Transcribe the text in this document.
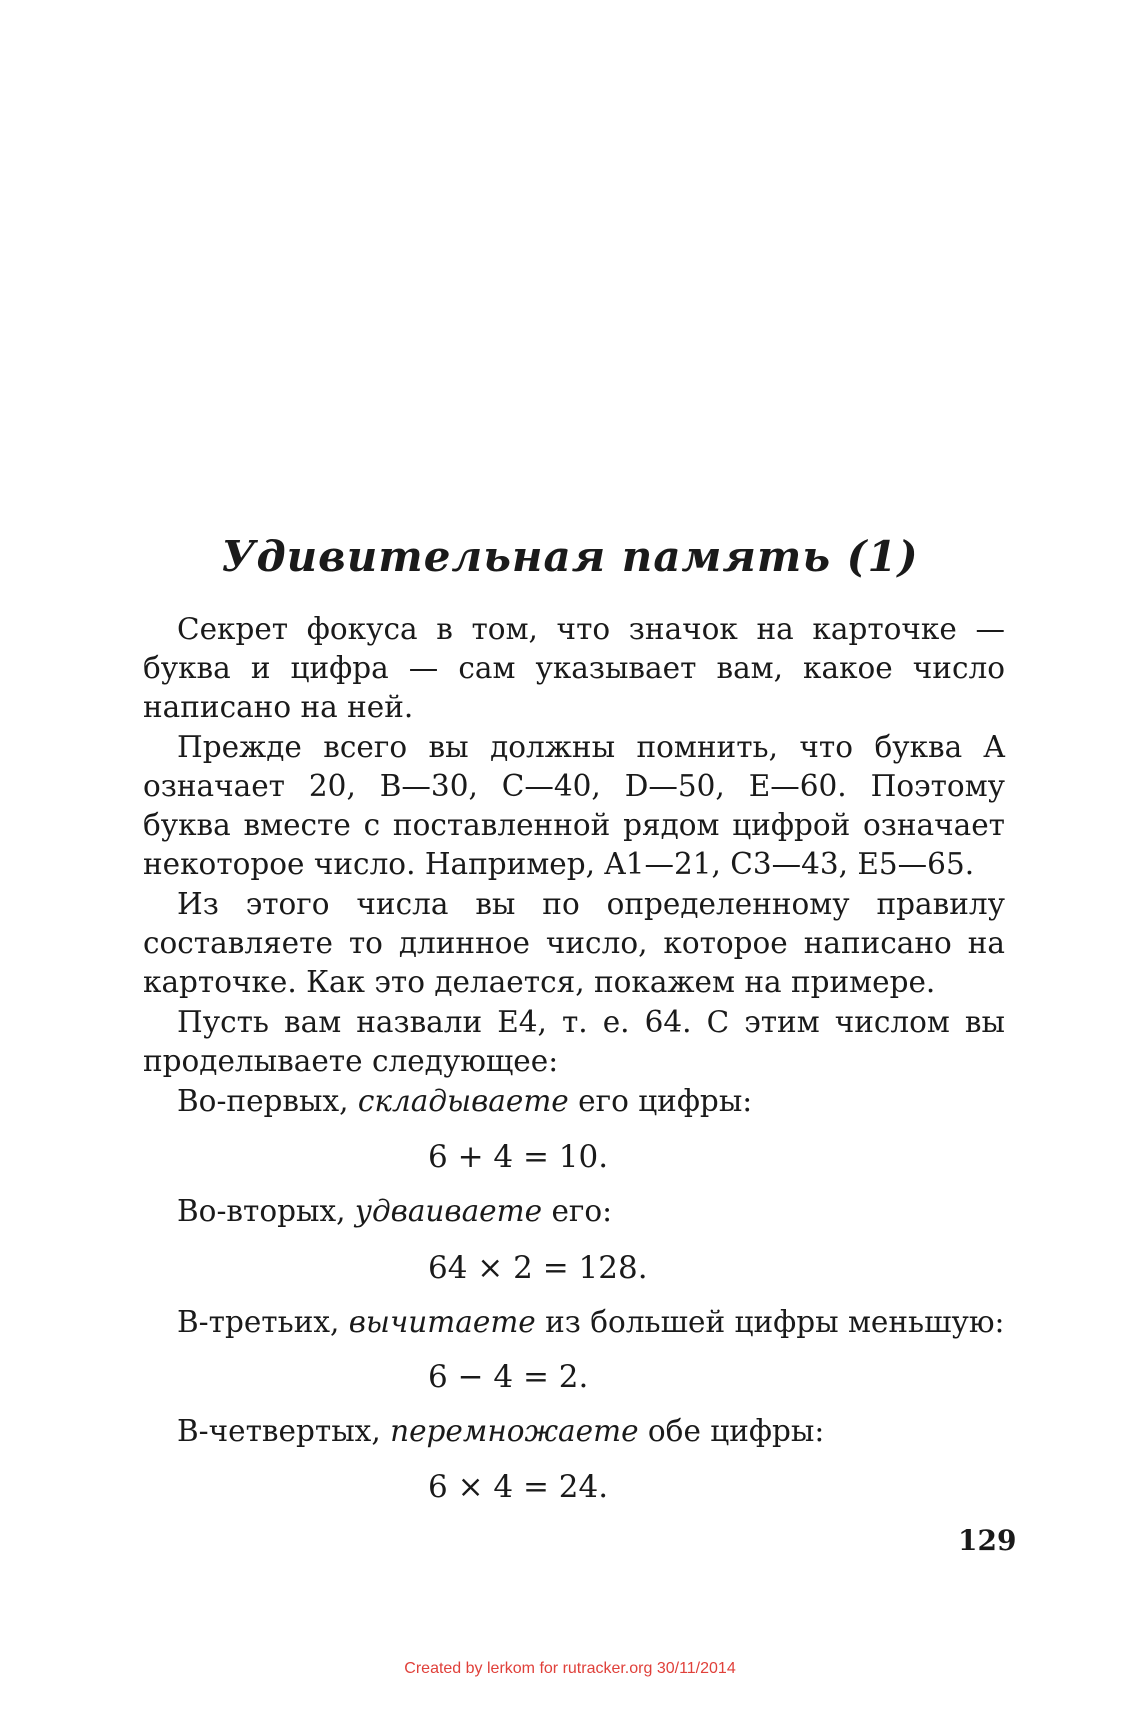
Удивительная память (1)

Секрет фокуса в том, что значок на карточке — буква и цифра — сам указывает вам, какое число написано на ней.

Прежде всего вы должны помнить, что буква A означает 20, B—30, C—40, D—50, E—60. Поэтому буква вместе с поставленной рядом цифрой означает некоторое число. Например, A1—21, C3—43, E5—65.

Из этого числа вы по определенному правилу составляете то длинное число, которое написано на карточке. Как это делается, покажем на примере.

Пусть вам назвали E4, т. е. 64. С этим числом вы проделываете следующее:

Во-первых, складываете его цифры:

6 + 4 = 10.

Во-вторых, удваиваете его:

64 × 2 = 128.

В-третьих, вычитаете из большей цифры меньшую:

6 − 4 = 2.

В-четвертых, перемножаете обе цифры:

6 × 4 = 24.

129

Created by lerkom for rutracker.org 30/11/2014
